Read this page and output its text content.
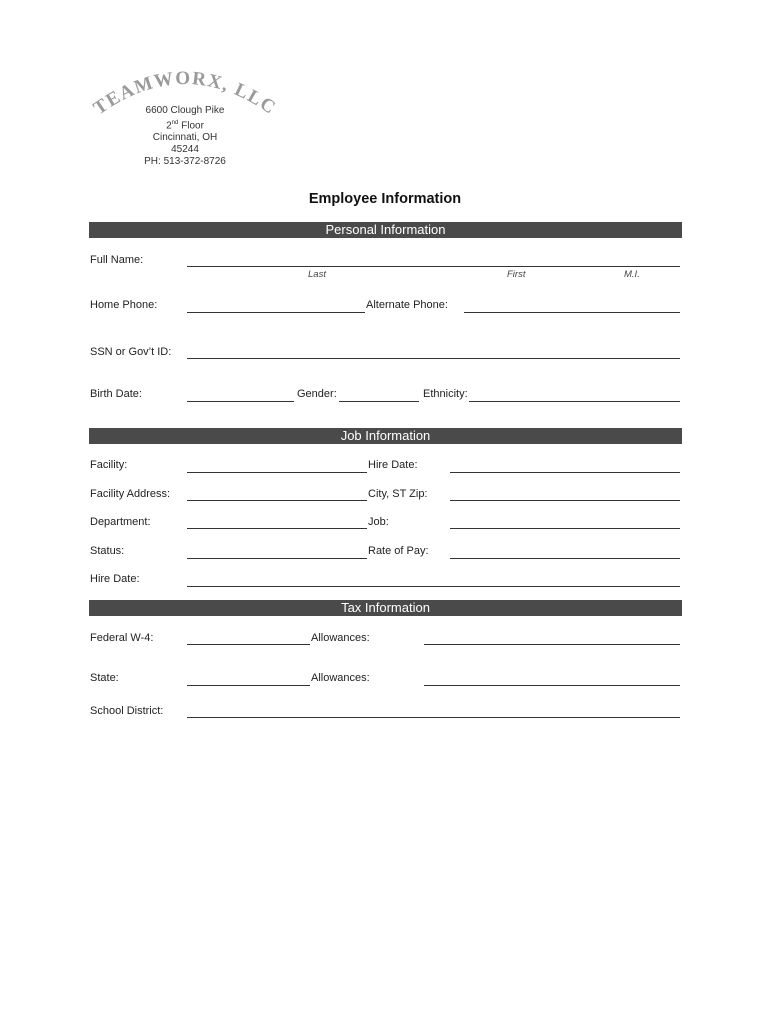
TEAMWORX, LLC
6600 Clough Pike
2nd Floor
Cincinnati, OH
45244
PH: 513-372-8726
Employee Information
Personal Information
Full Name:
Last	First	M.I.
Home Phone:	Alternate Phone:
SSN or Gov’t ID:
Birth Date:	Gender:	Ethnicity:
Job Information
Facility:	Hire Date:
Facility Address:	City, ST Zip:
Department:	Job:
Status:	Rate of Pay:
Hire Date:
Tax Information
Federal W-4:	Allowances:
State:	Allowances:
School District:
